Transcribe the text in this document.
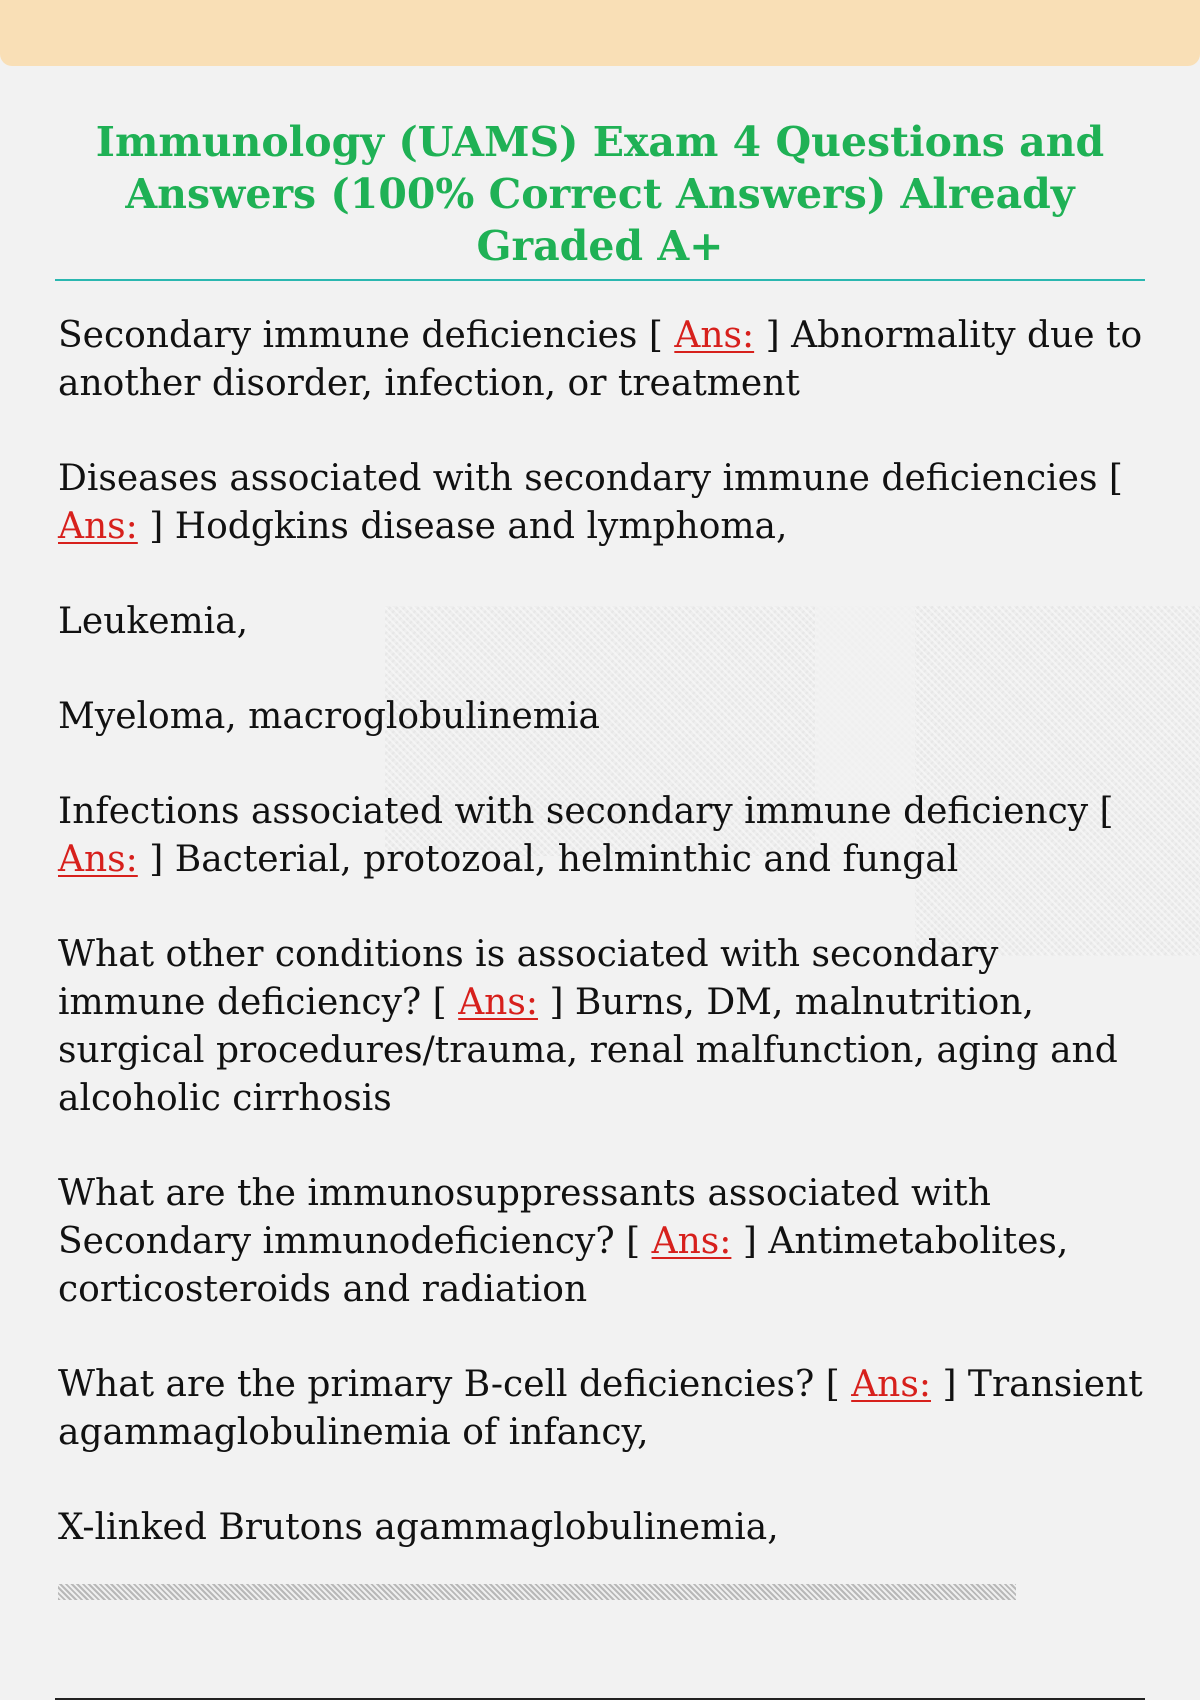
Immunology (UAMS) Exam 4 Questions and Answers (100% Correct Answers) Already Graded A+

Secondary immune deficiencies [ Ans: ] Abnormality due to another disorder, infection, or treatment

Diseases associated with secondary immune deficiencies [ Ans: ] Hodgkins disease and lymphoma,

Leukemia,

Myeloma, macroglobulinemia

Infections associated with secondary immune deficiency [ Ans: ] Bacterial, protozoal, helminthic and fungal

What other conditions is associated with secondary immune deficiency? [ Ans: ] Burns, DM, malnutrition, surgical procedures/trauma, renal malfunction, aging and alcoholic cirrhosis

What are the immunosuppressants associated with Secondary immunodeficiency? [ Ans: ] Antimetabolites, corticosteroids and radiation

What are the primary B-cell deficiencies? [ Ans: ] Transient agammaglobulinemia of infancy,

X-linked Brutons agammaglobulinemia,
